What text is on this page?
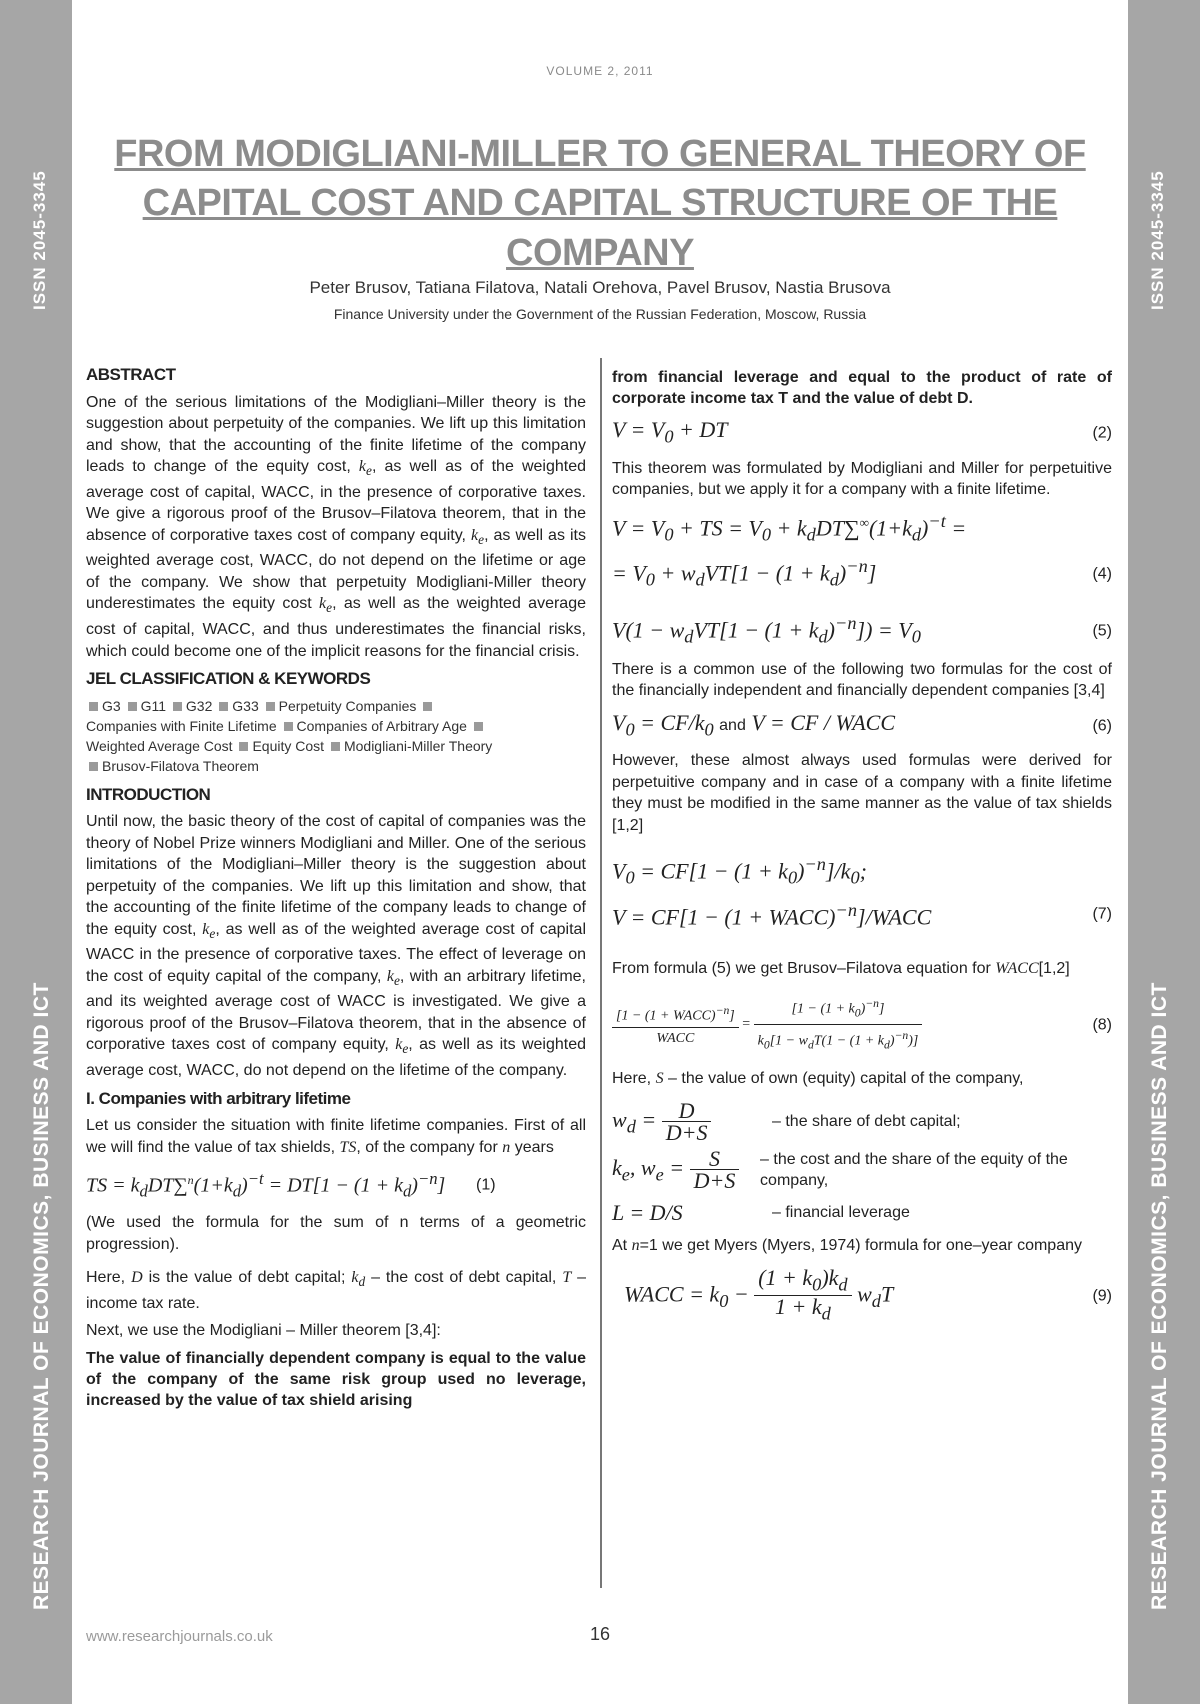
ISSN 2045-3345
RESEARCH JOURNAL OF ECONOMICS, BUSINESS AND ICT
ISSN 2045-3345
RESEARCH JOURNAL OF ECONOMICS, BUSINESS AND ICT
VOLUME 2, 2011
FROM MODIGLIANI-MILLER TO GENERAL THEORY OF CAPITAL COST AND CAPITAL STRUCTURE OF THE COMPANY
Peter Brusov, Tatiana Filatova, Natali Orehova, Pavel Brusov, Nastia Brusova
Finance University under the Government of the Russian Federation, Moscow, Russia
ABSTRACT
One of the serious limitations of the Modigliani–Miller theory is the suggestion about perpetuity of the companies. We lift up this limitation and show, that the accounting of the finite lifetime of the company leads to change of the equity cost, $k_e$, as well as of the weighted average cost of capital, WACC, in the presence of corporative taxes. We give a rigorous proof of the Brusov–Filatova theorem, that in the absence of corporative taxes cost of company equity, $k_e$, as well as its weighted average cost, WACC, do not depend on the lifetime or age of the company. We show that perpetuity Modigliani-Miller theory underestimates the equity cost $k_e$, as well as the weighted average cost of capital, WACC, and thus underestimates the financial risks, which could become one of the implicit reasons for the financial crisis.
JEL CLASSIFICATION & KEYWORDS
G3 G11 G32 G33 Perpetuity Companies
Companies with Finite Lifetime Companies of Arbitrary Age
Weighted Average Cost Equity Cost Modigliani-Miller Theory
Brusov-Filatova Theorem
INTRODUCTION
Until now, the basic theory of the cost of capital of companies was the theory of Nobel Prize winners Modigliani and Miller. One of the serious limitations of the Modigliani–Miller theory is the suggestion about perpetuity of the companies. We lift up this limitation and show, that the accounting of the finite lifetime of the company leads to change of the equity cost, $k_e$, as well as of the weighted average cost of capital WACC in the presence of corporative taxes. The effect of leverage on the cost of equity capital of the company, $k_e$, with an arbitrary lifetime, and its weighted average cost of WACC is investigated. We give a rigorous proof of the Brusov–Filatova theorem, that in the absence of corporative taxes cost of company equity, $k_e$, as well as its weighted average cost, WACC, do not depend on the lifetime of the company.
I. Companies with arbitrary lifetime
Let us consider the situation with finite lifetime companies. First of all we will find the value of tax shields, TS, of the company for n years
TS = $k_dDT\sum^n(1+k_d)^{-t} = DT[1 - (1 + k_d)^{-n}]$ (1)
(We used the formula for the sum of n terms of a geometric progression).
Here, D is the value of debt capital; $k_d$ – the cost of debt capital, T – income tax rate.
Next, we use the Modigliani – Miller theorem [3,4]:
The value of financially dependent company is equal to the value of the company of the same risk group used no leverage, increased by the value of tax shield arising
from financial leverage and equal to the product of rate of corporate income tax T and the value of debt D.
$V = V_0$ + DT	(2)
This theorem was formulated by Modigliani and Miller for perpetuitive companies, but we apply it for a company with a finite lifetime.
$V = V_0$ + TS = $V_0 + k_dDT\sum^\infty(1+k_d)^{-t}$ =
= $V_0 + w_dVT[1 - (1 + k_d)^{-n}]$	(4)
$V(1 - w_dVT[1 - (1 + k_d)^{-n}]) = V_0$	(5)
There is a common use of the following two formulas for the cost of the financially independent and financially dependent companies [3,4]
$V_0 = CF/k_0$ and V = CF / WACC	(6)
However, these almost always used formulas were derived for perpetuitive company and in case of a company with a finite lifetime they must be modified in the same manner as the value of tax shields [1,2]
$V_0 = CF[1 - (1 + k_0)^{-n}]/k_0$;
V = CF[1 − (1 + WACC)$^{-n}$]/WACC	(7)
From formula (5) we get Brusov–Filatova equation for WACC[1,2]
$\frac{[1 - (1 + WACC)^{-n}]}{\text{WACC}} = \frac{[1 - (1 + k_0)^{-n}]}{k_0[1 - w_dT(1 - (1 + k_d)^{-n})]}$	(8)
Here, S – the value of own (equity) capital of the company,
$w_d = \frac{D}{D+S}$	– the share of debt capital;
$k_e$, $w_e = \frac{S}{D+S}$ – the cost and the share of the equity of the company,
L = D/S	– financial leverage
At n=1 we get Myers (Myers, 1974) formula for one–year company
WACC = $k_0 - \frac{(1 + k_0)k_d}{1 + k_d} w_dT$	(9)
www.researchjournals.co.uk	16
